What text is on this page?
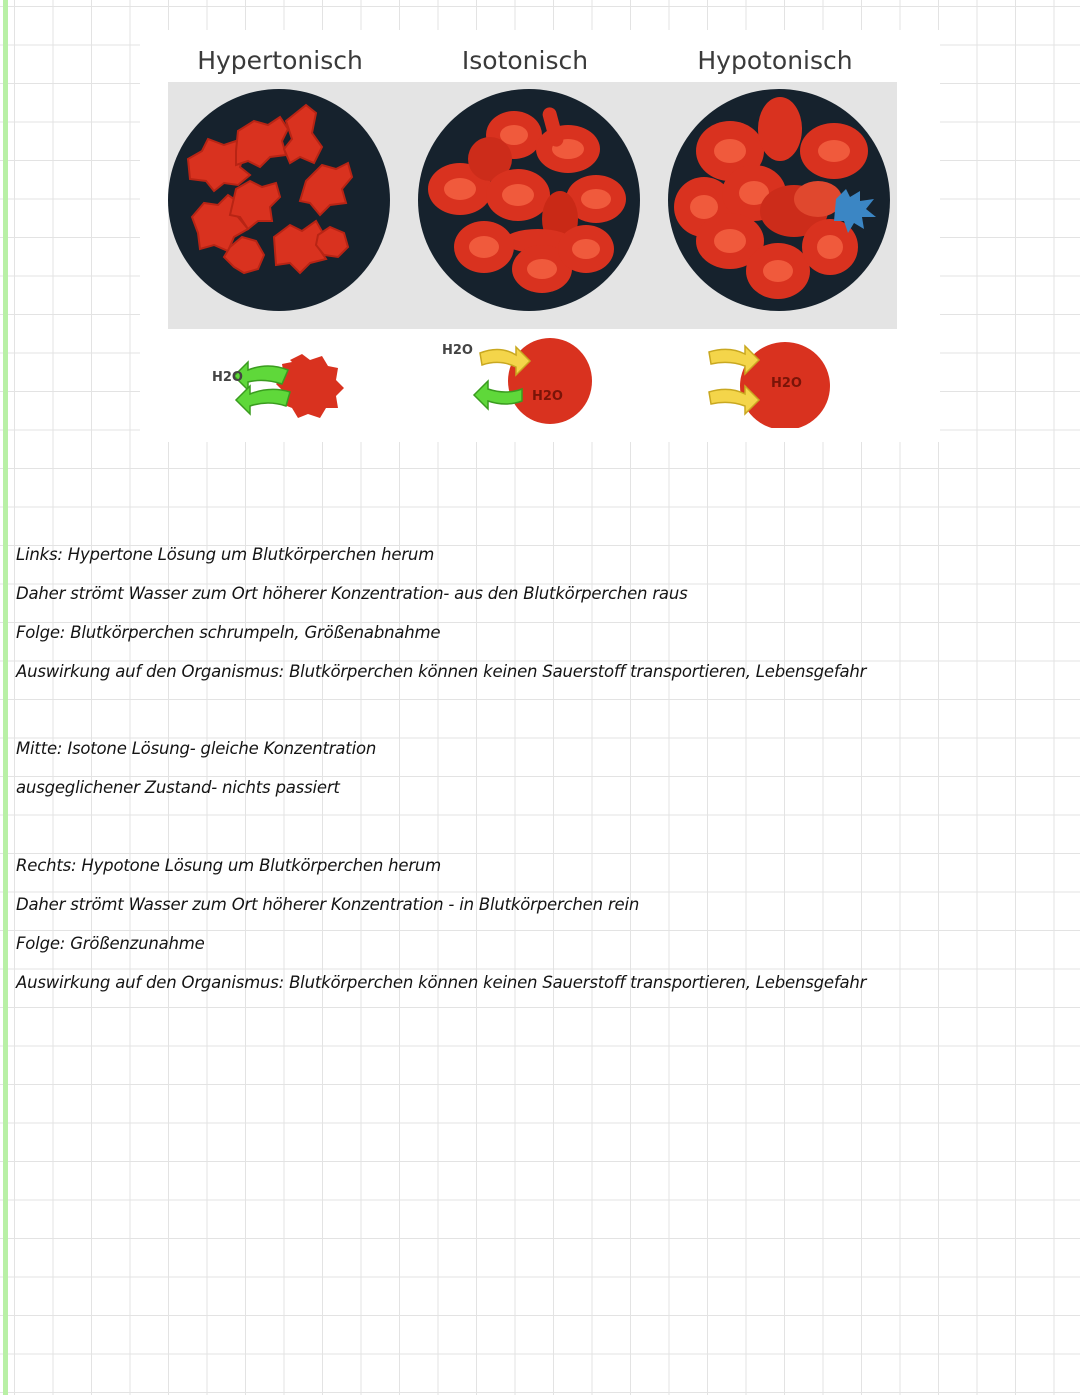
Hypertonisch	Isotonisch	Hypotonisch
H2O
H2O
H2O
H2O
Links: Hypertone Lösung um Blutkörperchen herum
Daher strömt Wasser zum Ort höherer Konzentration- aus den Blutkörperchen raus
Folge: Blutkörperchen schrumpeln, Größenabnahme
Auswirkung auf den Organismus: Blutkörperchen können keinen Sauerstoff transportieren, Lebensgefahr
Mitte: Isotone Lösung- gleiche Konzentration
ausgeglichener Zustand- nichts passiert
Rechts: Hypotone Lösung um Blutkörperchen herum
Daher strömt Wasser zum Ort höherer Konzentration - in Blutkörperchen rein
Folge: Größenzunahme
Auswirkung auf den Organismus: Blutkörperchen können keinen Sauerstoff transportieren, Lebensgefahr
